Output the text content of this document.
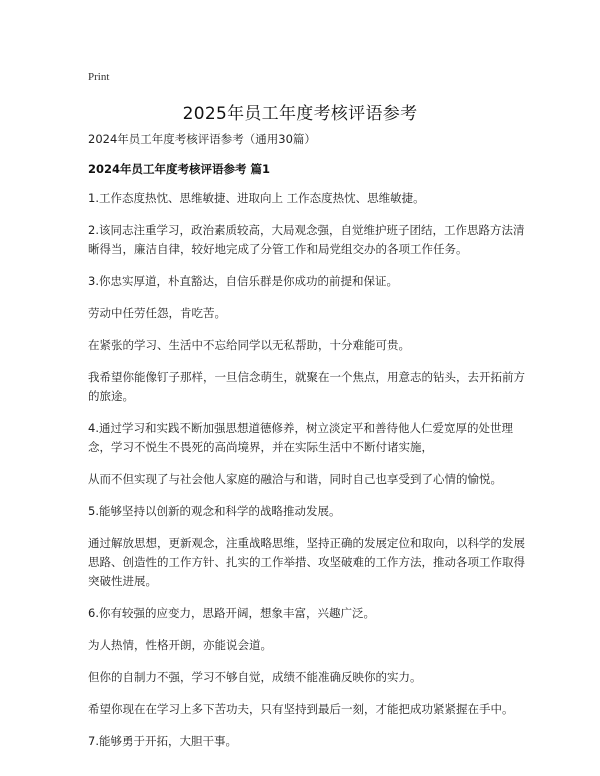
Print
2025年员工年度考核评语参考

2024年员工年度考核评语参考（通用30篇）

2024年员工年度考核评语参考 篇1

1.工作态度热忱、思维敏捷、进取向上 工作态度热忱、思维敏捷。

2.该同志注重学习，政治素质较高，大局观念强，自觉维护班子团结，工作思路方法清晰得当，廉洁自律，较好地完成了分管工作和局党组交办的各项工作任务。

3.你忠实厚道，朴直豁达，自信乐群是你成功的前提和保证。

劳动中任劳任怨，肯吃苦。

在紧张的学习、生活中不忘给同学以无私帮助，十分难能可贵。

我希望你能像钉子那样，一旦信念萌生，就聚在一个焦点，用意志的钻头，去开拓前方的旅途。

4.通过学习和实践不断加强思想道德修养，树立淡定平和善待他人仁爱宽厚的处世理念，学习不悦生不畏死的高尚境界，并在实际生活中不断付诸实施，

从而不但实现了与社会他人家庭的融洽与和谐，同时自己也享受到了心情的愉悦。

5.能够坚持以创新的观念和科学的战略推动发展。

通过解放思想，更新观念，注重战略思维，坚持正确的发展定位和取向，以科学的发展思路、创造性的工作方针、扎实的工作举措、攻坚破难的工作方法，推动各项工作取得突破性进展。

6.你有较强的应变力，思路开阔，想象丰富，兴趣广泛。

为人热情，性格开朗，亦能说会道。

但你的自制力不强，学习不够自觉，成绩不能准确反映你的实力。

希望你现在在学习上多下苦功夫，只有坚持到最后一刻，才能把成功紧紧握在手中。

7.能够勇于开拓，大胆干事。
